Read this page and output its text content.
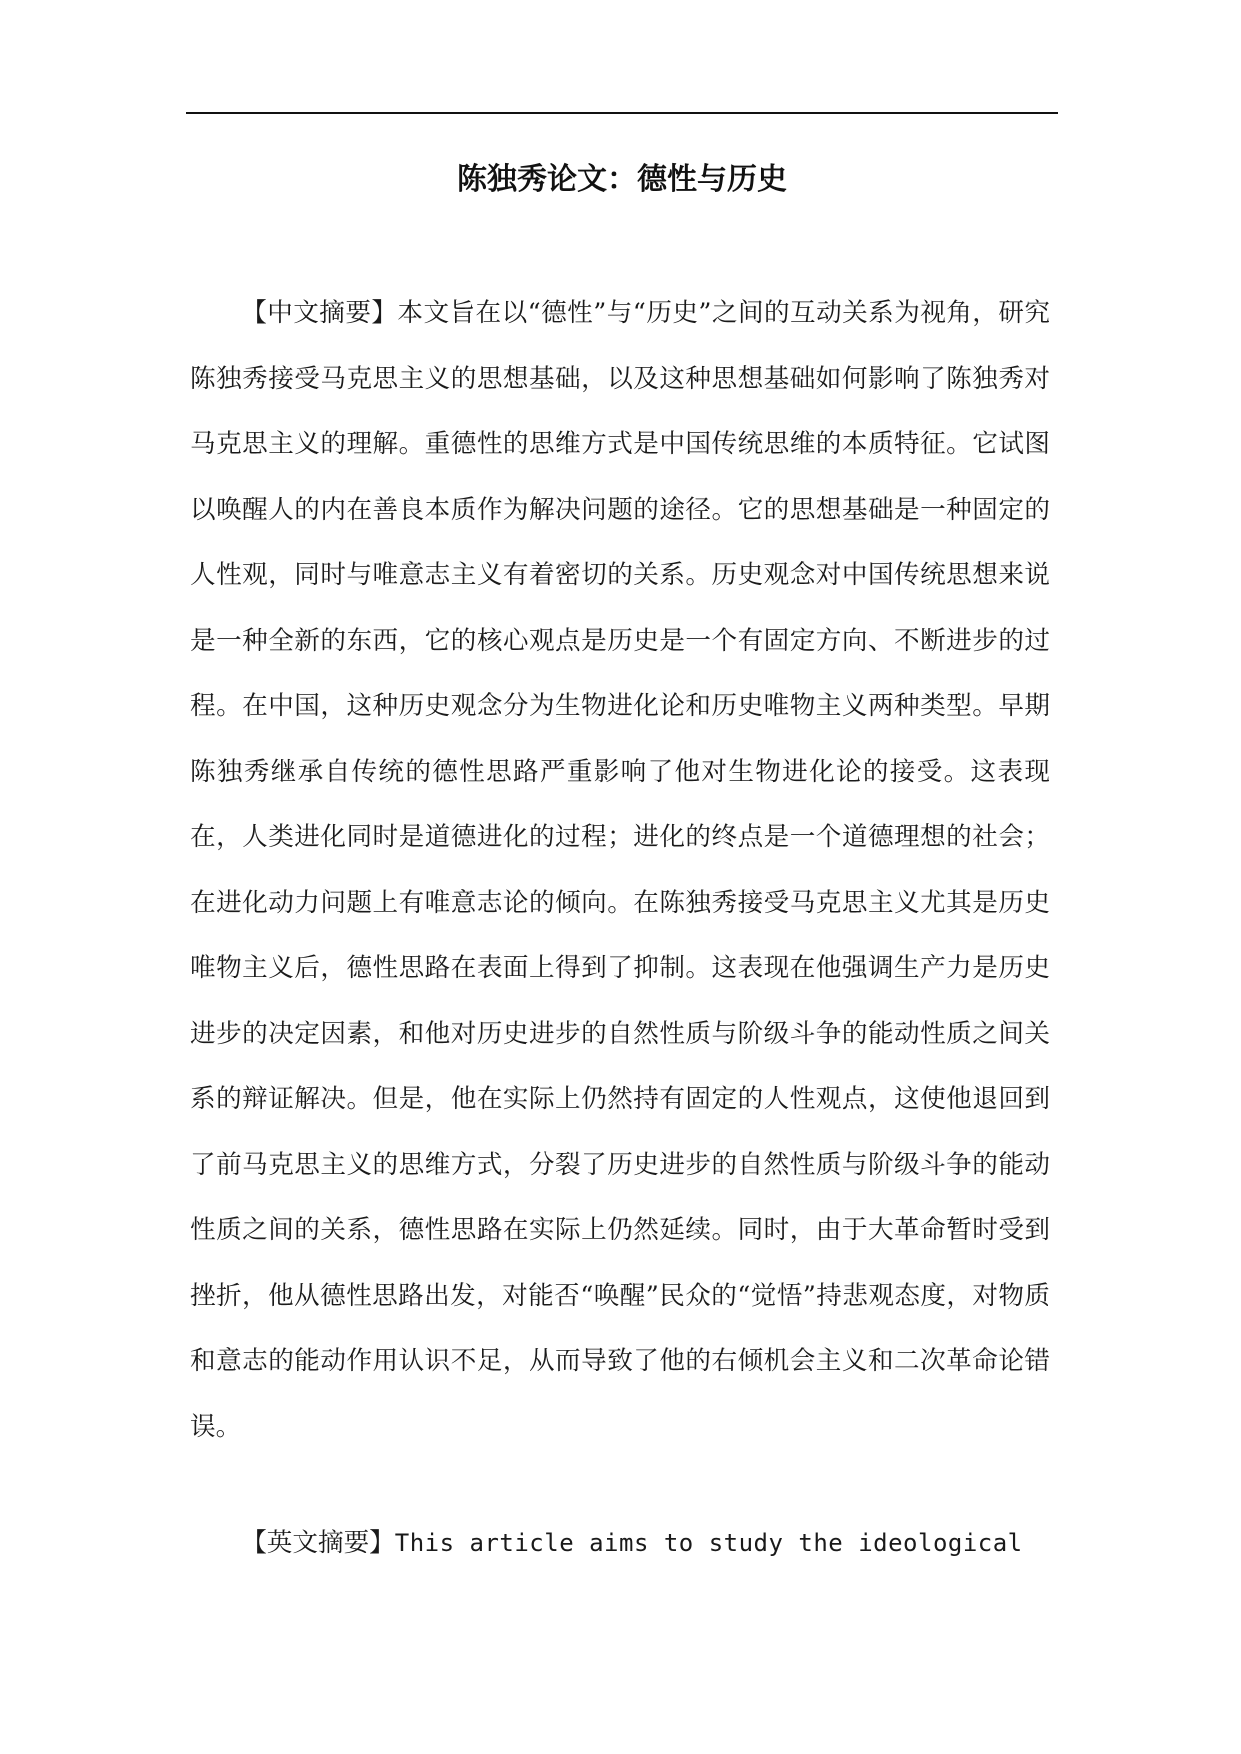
陈独秀论文：德性与历史

【中文摘要】本文旨在以“德性”与“历史”之间的互动关系为视角，研究陈独秀接受马克思主义的思想基础，以及这种思想基础如何影响了陈独秀对马克思主义的理解。重德性的思维方式是中国传统思维的本质特征。它试图以唤醒人的内在善良本质作为解决问题的途径。它的思想基础是一种固定的人性观，同时与唯意志主义有着密切的关系。历史观念对中国传统思想来说是一种全新的东西，它的核心观点是历史是一个有固定方向、不断进步的过程。在中国，这种历史观念分为生物进化论和历史唯物主义两种类型。早期陈独秀继承自传统的德性思路严重影响了他对生物进化论的接受。这表现在，人类进化同时是道德进化的过程；进化的终点是一个道德理想的社会；在进化动力问题上有唯意志论的倾向。在陈独秀接受马克思主义尤其是历史唯物主义后，德性思路在表面上得到了抑制。这表现在他强调生产力是历史进步的决定因素，和他对历史进步的自然性质与阶级斗争的能动性质之间关系的辩证解决。但是，他在实际上仍然持有固定的人性观点，这使他退回到了前马克思主义的思维方式，分裂了历史进步的自然性质与阶级斗争的能动性质之间的关系，德性思路在实际上仍然延续。同时，由于大革命暂时受到挫折，他从德性思路出发，对能否“唤醒”民众的“觉悟”持悲观态度，对物质和意志的能动作用认识不足，从而导致了他的右倾机会主义和二次革命论错误。

【英文摘要】This article aims to study the ideological
